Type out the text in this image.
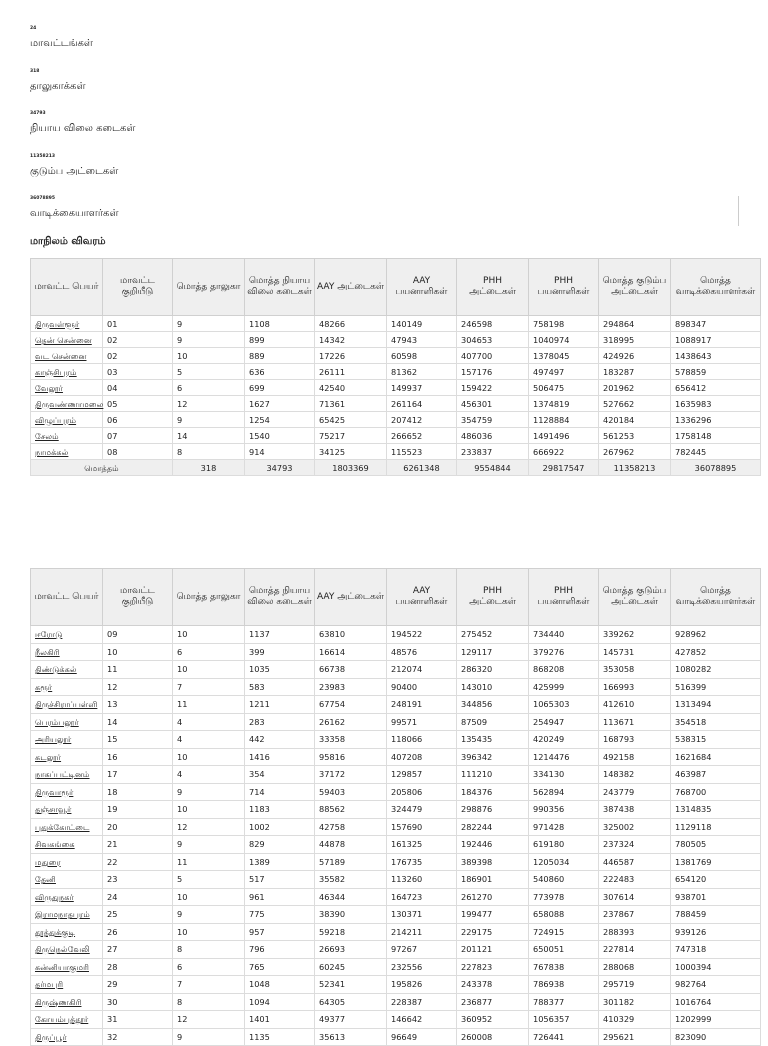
24
மாவட்டங்கள்
318
தாலுகாக்கள்
34793
நியாய விலை கடைகள்
11358213
குடும்ப அட்டைகள்
36078895
வாடிக்கையாளர்கள்
மாநிலம் விவரம்
மாவட்ட பெயர்	மாவட்ட குறியீடு	மொத்த தாலுகா	மொத்த நியாய விலை கடைகள்	AAY அட்டைகள்	AAY பயனாளிகள்	PHH அட்டைகள்	PHH பயனாளிகள்	மொத்த குடும்ப அட்டைகள்	மொத்த வாடிக்கையாளர்கள்
திருவள்ளூர்	01	9	1108	48266	140149	246598	758198	294864	898347
தென் சென்னை	02	9	899	14342	47943	304653	1040974	318995	1088917
வட சென்னை	02	10	889	17226	60598	407700	1378045	424926	1438643
காஞ்சிபுரம்	03	5	636	26111	81362	157176	497497	183287	578859
வேலூர்	04	6	699	42540	149937	159422	506475	201962	656412
திருவண்ணாமலை	05	12	1627	71361	261164	456301	1374819	527662	1635983
விழுப்புரம்	06	9	1254	65425	207412	354759	1128884	420184	1336296
சேலம்	07	14	1540	75217	266652	486036	1491496	561253	1758148
நாமக்கல்	08	8	914	34125	115523	233837	666922	267962	782445
மொத்தம்		318	34793	1803369	6261348	9554844	29817547	11358213	36078895
மாவட்ட பெயர்	மாவட்ட குறியீடு	மொத்த தாலுகா	மொத்த நியாய விலை கடைகள்	AAY அட்டைகள்	AAY பயனாளிகள்	PHH அட்டைகள்	PHH பயனாளிகள்	மொத்த குடும்ப அட்டைகள்	மொத்த வாடிக்கையாளர்கள்
ஈரோடு	09	10	1137	63810	194522	275452	734440	339262	928962
நீலகிரி	10	6	399	16614	48576	129117	379276	145731	427852
திண்டுக்கல்	11	10	1035	66738	212074	286320	868208	353058	1080282
கரூர்	12	7	583	23983	90400	143010	425999	166993	516399
திருச்சிராப்பள்ளி	13	11	1211	67754	248191	344856	1065303	412610	1313494
பெரம்பலூர்	14	4	283	26162	99571	87509	254947	113671	354518
அரியலூர்	15	4	442	33358	118066	135435	420249	168793	538315
கடலூர்	16	10	1416	95816	407208	396342	1214476	492158	1621684
நாகப்பட்டினம்	17	4	354	37172	129857	111210	334130	148382	463987
திருவாரூர்	18	9	714	59403	205806	184376	562894	243779	768700
தஞ்சாவூர்	19	10	1183	88562	324479	298876	990356	387438	1314835
புதுக்கோட்டை	20	12	1002	42758	157690	282244	971428	325002	1129118
சிவகங்கை	21	9	829	44878	161325	192446	619180	237324	780505
மதுரை	22	11	1389	57189	176735	389398	1205034	446587	1381769
தேனி	23	5	517	35582	113260	186901	540860	222483	654120
விருதுநகர்	24	10	961	46344	164723	261270	773978	307614	938701
இராமநாதபுரம்	25	9	775	38390	130371	199477	658088	237867	788459
தூத்துக்குடி	26	10	957	59218	214211	229175	724915	288393	939126
திருநெல்வேலி	27	8	796	26693	97267	201121	650051	227814	747318
கன்னியாகுமரி	28	6	765	60245	232556	227823	767838	288068	1000394
தர்மபுரி	29	7	1048	52341	195826	243378	786938	295719	982764
கிருஷ்ணகிரி	30	8	1094	64305	228387	236877	788377	301182	1016764
கோயம்புத்தூர்	31	12	1401	49377	146642	360952	1056357	410329	1202999
திருப்பூர்	32	9	1135	35613	96649	260008	726441	295621	823090
